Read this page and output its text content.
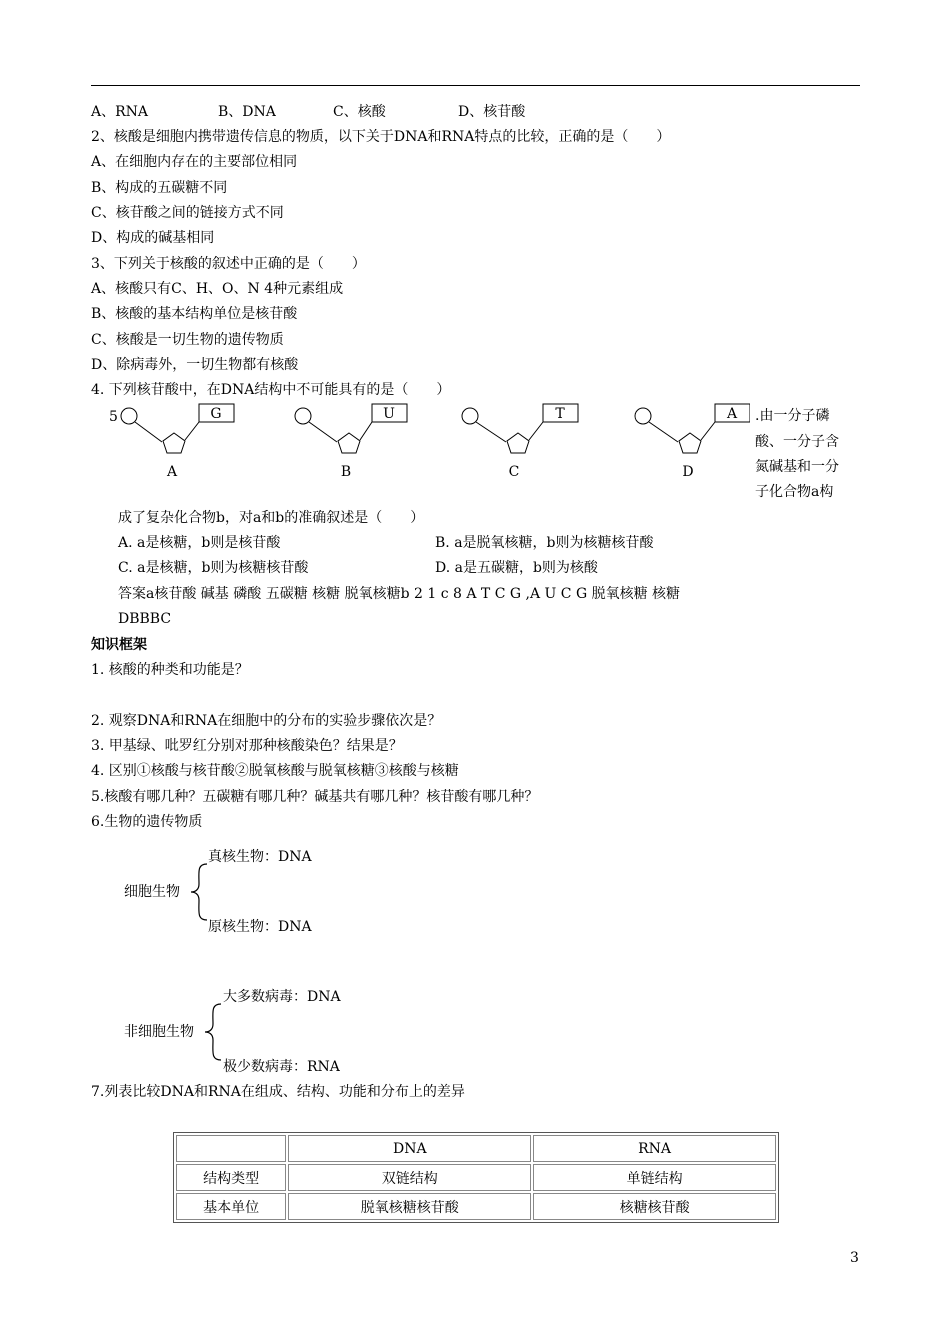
A、RNA	B、DNA	C、核酸	D、核苷酸
2、核酸是细胞内携带遗传信息的物质，以下关于DNA和RNA特点的比较，正确的是（　　）
A、在细胞内存在的主要部位相同
B、构成的五碳糖不同
C、核苷酸之间的链接方式不同
D、构成的碱基相同
3、下列关于核酸的叙述中正确的是（　　）
A、核酸只有C、H、O、N 4种元素组成
B、核酸的基本结构单位是核苷酸
C、核酸是一切生物的遗传物质
D、除病毒外，一切生物都有核酸
4. 下列核苷酸中，在DNA结构中不可能具有的是（　　）
5	G
A
U
B
T
C
A
D
.由一分子磷
酸、一分子含
氮碱基和一分
子化合物a构
成了复杂化合物b，对a和b的准确叙述是（　　）
A. a是核糖，b则是核苷酸	B. a是脱氧核糖，b则为核糖核苷酸
C. a是核糖，b则为核糖核苷酸	D. a是五碳糖，b则为核酸
答案a核苷酸 碱基 磷酸 五碳糖 核糖 脱氧核糖b 2 1 c 8 A T C G ,A U C G 脱氧核糖 核糖
DBBBC
知识框架
1. 核酸的种类和功能是？
2. 观察DNA和RNA在细胞中的分布的实验步骤依次是？
3. 甲基绿、吡罗红分别对那种核酸染色？结果是？
4. 区别①核酸与核苷酸②脱氧核酸与脱氧核糖③核酸与核糖
5.核酸有哪几种？五碳糖有哪几种？碱基共有哪几种？核苷酸有哪几种？
6.生物的遗传物质
细胞生物
真核生物：DNA
原核生物：DNA
非细胞生物
大多数病毒：DNA
极少数病毒：RNA
7.列表比较DNA和RNA在组成、结构、功能和分布上的差异
	DNA	RNA
结构类型	双链结构	单链结构
基本单位	脱氧核糖核苷酸	核糖核苷酸
3
